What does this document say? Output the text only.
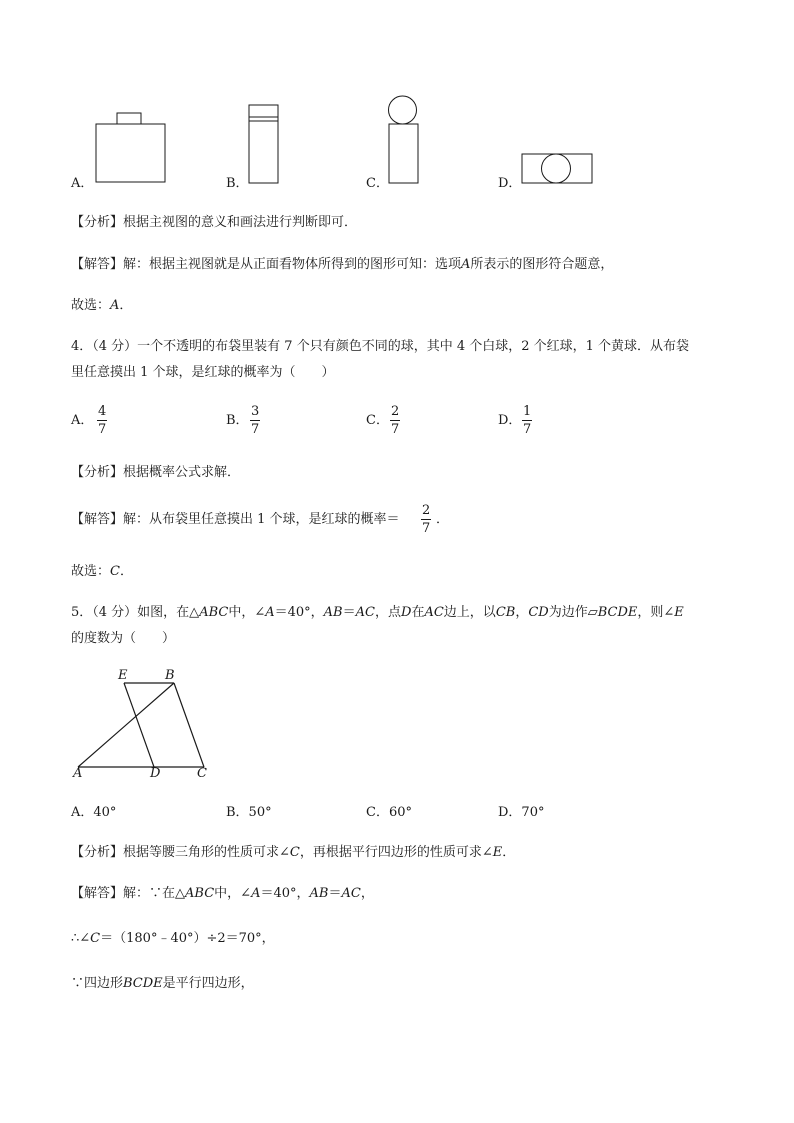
A．	B．	C．	D．
【分析】根据主视图的意义和画法进行判断即可．
【解答】解：根据主视图就是从正面看物体所得到的图形可知：选项A所表示的图形符合题意，
故选：A．
4．（4 分）一个不透明的布袋里装有 7 个只有颜色不同的球，其中 4 个白球，2 个红球，1 个黄球．从布袋
里任意摸出 1 个球，是红球的概率为（　　）
A．
4
7
B．
3
7
C．
2
7
D．
1
7
【分析】根据概率公式求解．
【解答】解：从布袋里任意摸出 1 个球，是红球的概率＝
2
7
．
故选：C．
5．（4 分）如图，在△ABC中，∠A＝40°，AB＝AC，点D在AC边上，以CB，CD为边作▱BCDE，则∠E
的度数为（　　）
E	B
A	D	C
A．40°	B．50°	C．60°	D．70°
【分析】根据等腰三角形的性质可求∠C，再根据平行四边形的性质可求∠E．
【解答】解：∵在△ABC中，∠A＝40°，AB＝AC，
∴∠C＝（180°﹣40°）÷2＝70°，
∵四边形BCDE是平行四边形，
